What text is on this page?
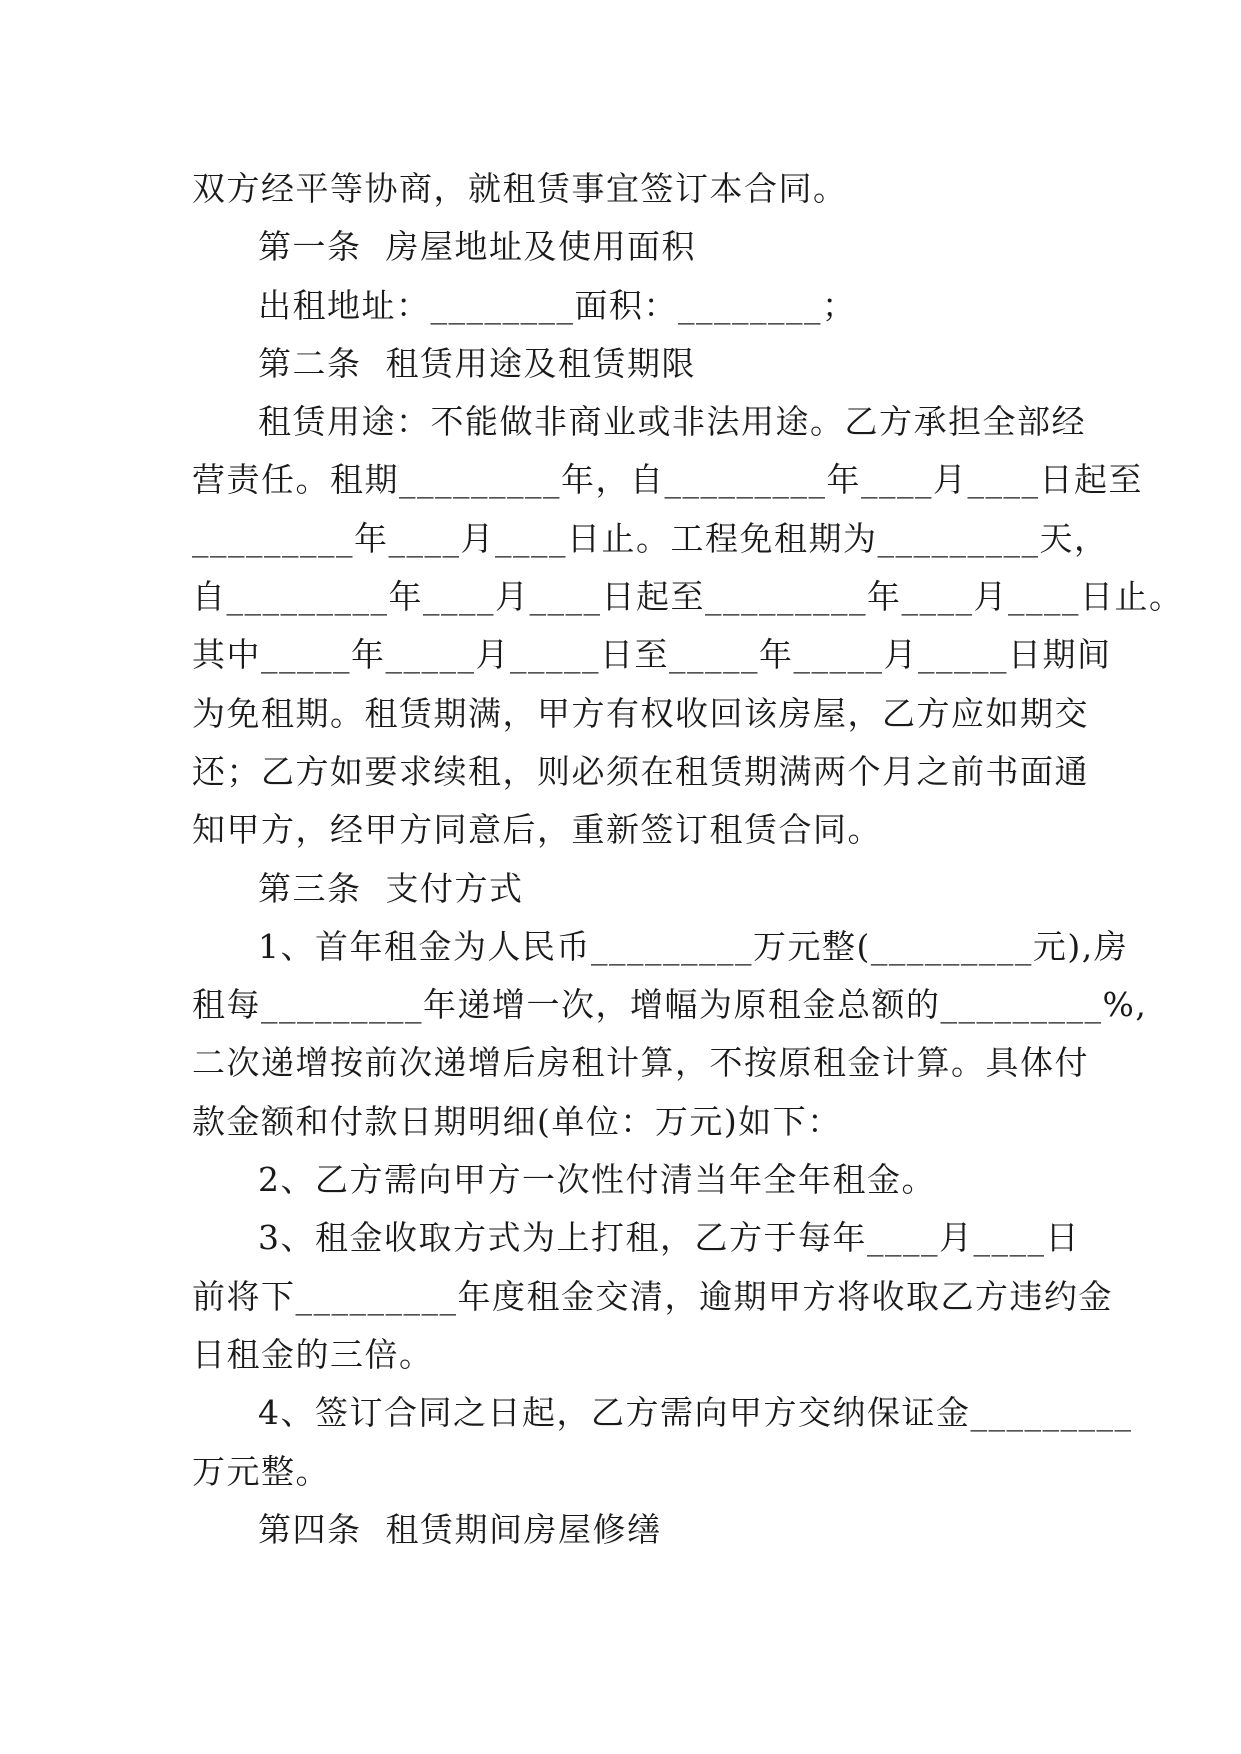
双方经平等协商，就租赁事宜签订本合同。
第一条  房屋地址及使用面积
出租地址：________面积：________；
第二条  租赁用途及租赁期限
租赁用途：不能做非商业或非法用途。乙方承担全部经
营责任。租期_________年，自_________年____月____日起至
_________年____月____日止。工程免租期为_________天，
自_________年____月____日起至_________年____月____日止。
其中_____年_____月_____日至_____年_____月_____日期间
为免租期。租赁期满，甲方有权收回该房屋，乙方应如期交
还；乙方如要求续租，则必须在租赁期满两个月之前书面通
知甲方，经甲方同意后，重新签订租赁合同。
第三条  支付方式
1、首年租金为人民币_________万元整(_________元),房
租每_________年递增一次，增幅为原租金总额的_________%,
二次递增按前次递增后房租计算，不按原租金计算。具体付
款金额和付款日期明细(单位：万元)如下：
2、乙方需向甲方一次性付清当年全年租金。
3、租金收取方式为上打租，乙方于每年____月____日
前将下_________年度租金交清，逾期甲方将收取乙方违约金
日租金的三倍。
4、签订合同之日起，乙方需向甲方交纳保证金_________
万元整。
第四条  租赁期间房屋修缮
